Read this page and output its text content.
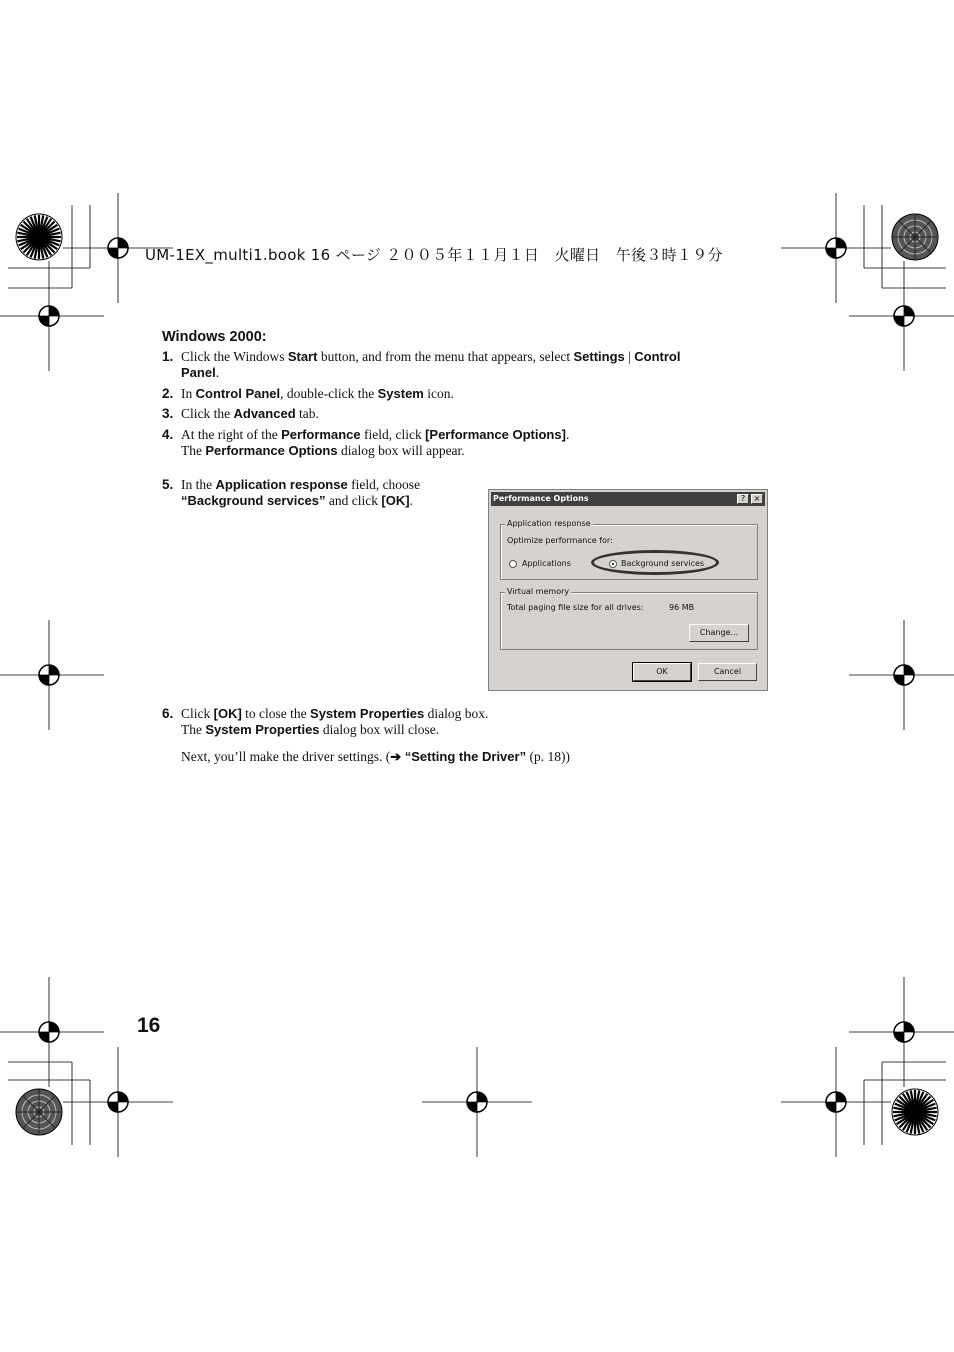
UM-1EX_multi1.book 16 ページ ２００５年１１月１日　火曜日　午後３時１９分
Windows 2000:
1. Click the Windows Start button, and from the menu that appears, select Settings | Control
Panel.
2. In Control Panel, double-click the System icon.
3. Click the Advanced tab.
4. At the right of the Performance field, click [Performance Options].
The Performance Options dialog box will appear.
5. In the Application response field, choose
“Background services” and click [OK].	Performance Options	?	×
Application response
Optimize performance for:
Applications	Background services
Virtual memory
Total paging file size for all drives:	96 MB
Change...
OK	Cancel
6. Click [OK] to close the System Properties dialog box.
The System Properties dialog box will close.
Next, you’ll make the driver settings. (➔ “Setting the Driver” (p. 18))
16
